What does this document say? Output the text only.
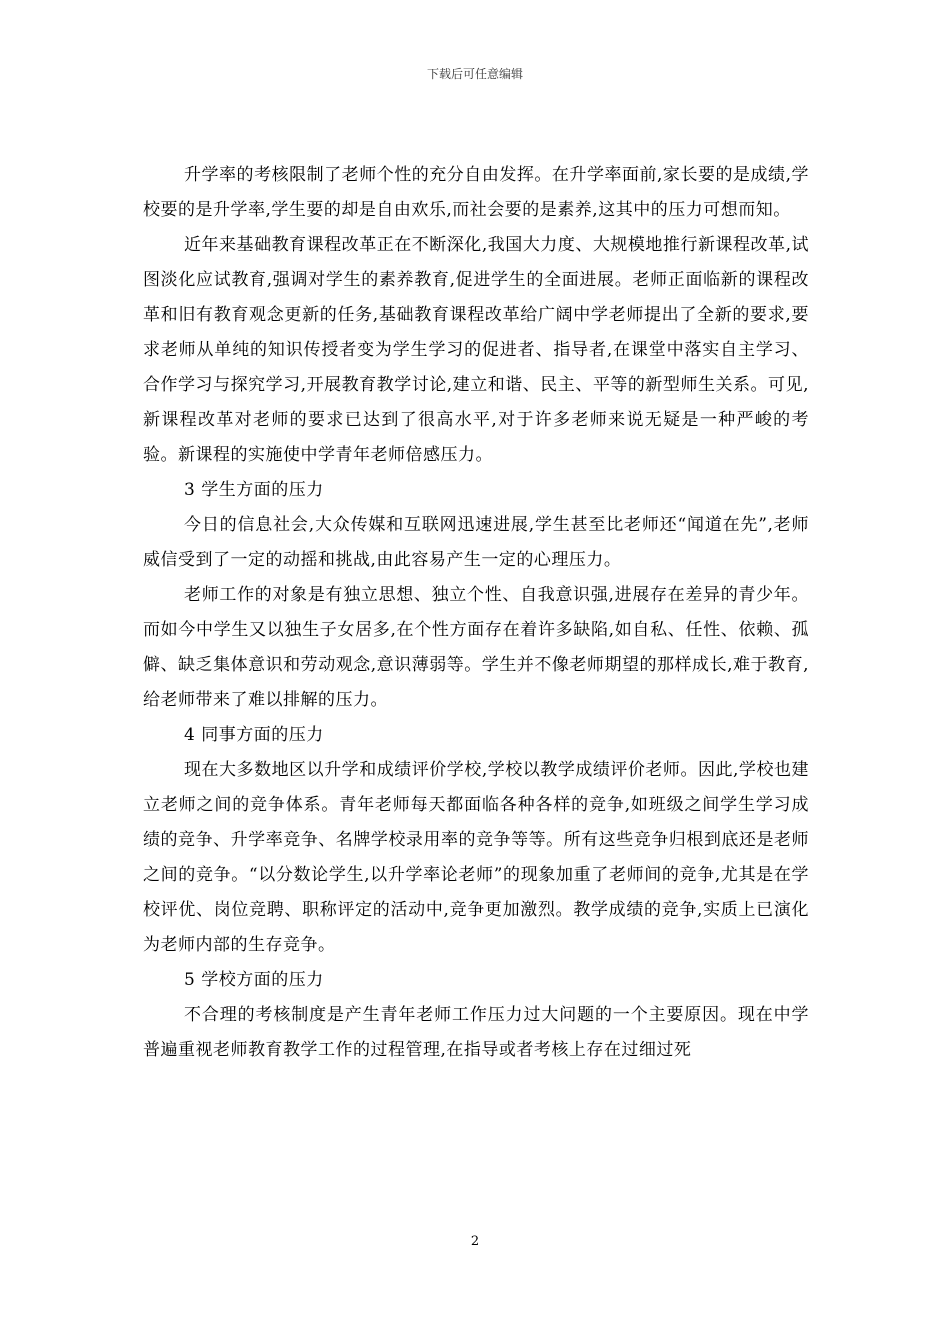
下载后可任意编辑

升学率的考核限制了老师个性的充分自由发挥。在升学率面前,家长要的是成绩,学校要的是升学率,学生要的却是自由欢乐,而社会要的是素养,这其中的压力可想而知。

近年来基础教育课程改革正在不断深化,我国大力度、大规模地推行新课程改革,试图淡化应试教育,强调对学生的素养教育,促进学生的全面进展。老师正面临新的课程改革和旧有教育观念更新的任务,基础教育课程改革给广阔中学老师提出了全新的要求,要求老师从单纯的知识传授者变为学生学习的促进者、指导者,在课堂中落实自主学习、合作学习与探究学习,开展教育教学讨论,建立和谐、民主、平等的新型师生关系。可见,新课程改革对老师的要求已达到了很高水平,对于许多老师来说无疑是一种严峻的考验。新课程的实施使中学青年老师倍感压力。

3 学生方面的压力

今日的信息社会,大众传媒和互联网迅速进展,学生甚至比老师还“闻道在先”,老师威信受到了一定的动摇和挑战,由此容易产生一定的心理压力。

老师工作的对象是有独立思想、独立个性、自我意识强,进展存在差异的青少年。而如今中学生又以独生子女居多,在个性方面存在着许多缺陷,如自私、任性、依赖、孤僻、缺乏集体意识和劳动观念,意识薄弱等。学生并不像老师期望的那样成长,难于教育,给老师带来了难以排解的压力。

4 同事方面的压力

现在大多数地区以升学和成绩评价学校,学校以教学成绩评价老师。因此,学校也建立老师之间的竞争体系。青年老师每天都面临各种各样的竞争,如班级之间学生学习成绩的竞争、升学率竞争、名牌学校录用率的竞争等等。所有这些竞争归根到底还是老师之间的竞争。“以分数论学生,以升学率论老师”的现象加重了老师间的竞争,尤其是在学校评优、岗位竞聘、职称评定的活动中,竞争更加激烈。教学成绩的竞争,实质上已演化为老师内部的生存竞争。

5 学校方面的压力

不合理的考核制度是产生青年老师工作压力过大问题的一个主要原因。现在中学普遍重视老师教育教学工作的过程管理,在指导或者考核上存在过细过死

2
